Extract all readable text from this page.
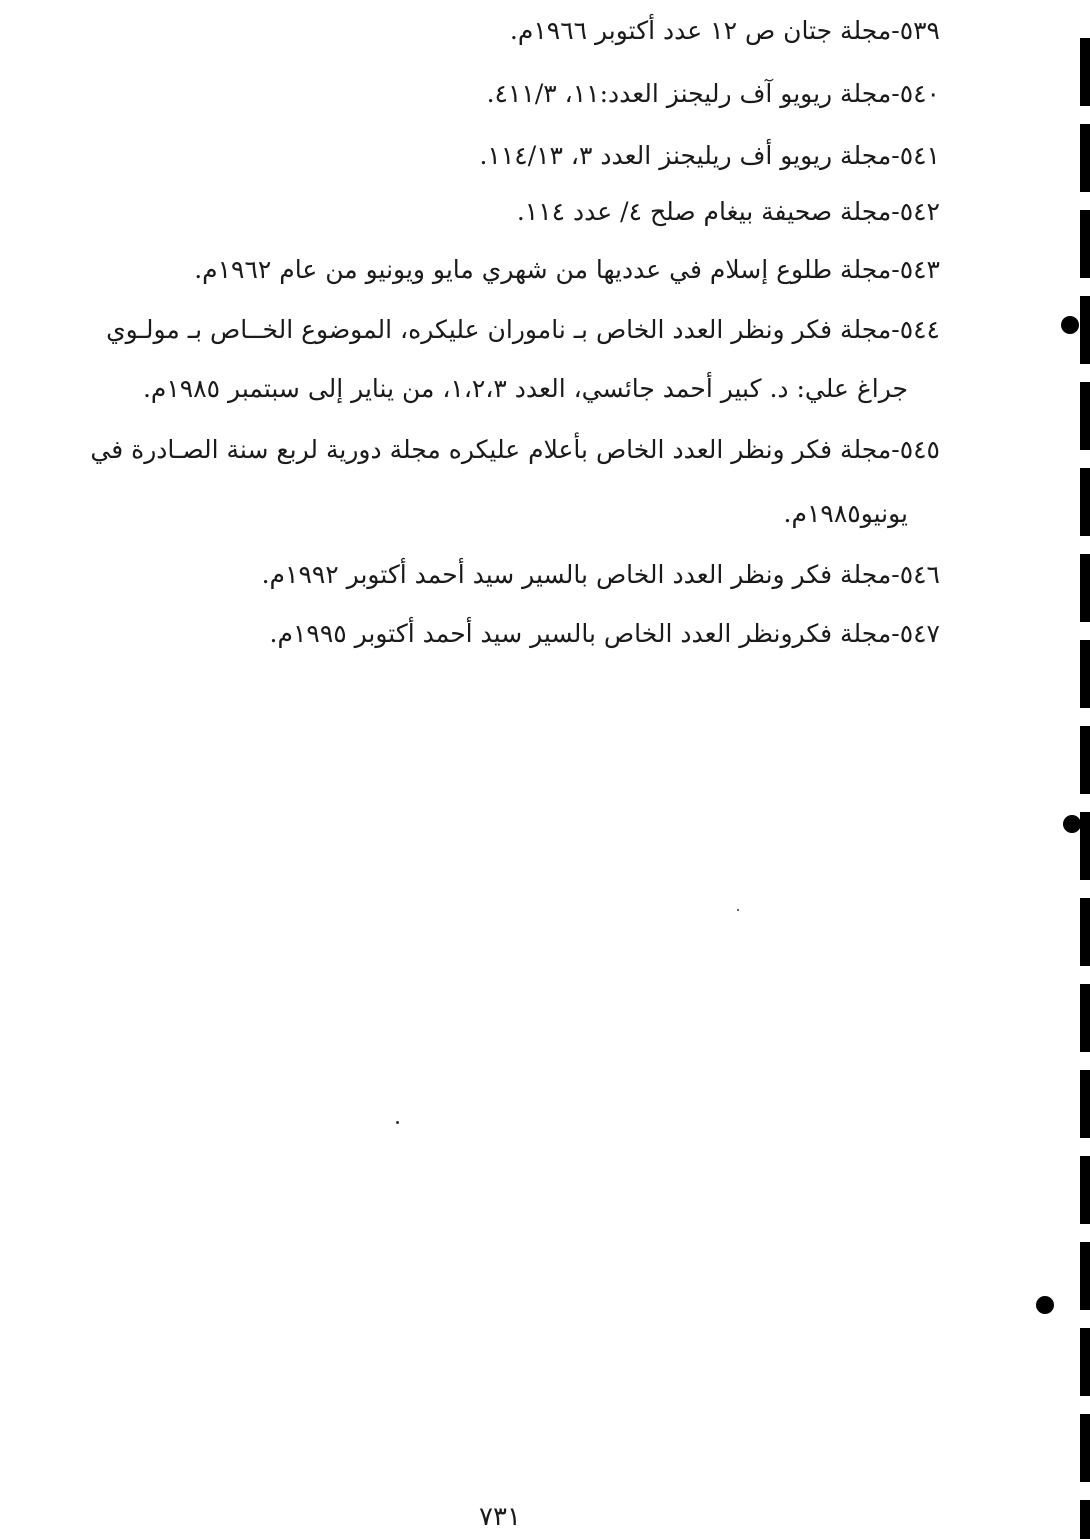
٥٣٩-مجلة جتان ص ١٢ عدد أكتوبر ١٩٦٦م.
٥٤٠-مجلة ريويو آف رليجنز العدد:١١، ٤١١/٣.
٥٤١-مجلة ريويو أف ريليجنز العدد ٣، ١١٤/١٣.
٥٤٢-مجلة صحيفة بيغام صلح ٤/ عدد ١١٤.
٥٤٣-مجلة طلوع إسلام في عدديها من شهري مايو ويونيو من عام ١٩٦٢م.
٥٤٤-مجلة فكر ونظر العدد الخاص بـ ناموران عليكره، الموضوع الخــاص بـ مولـوي
جراغ علي: د. كبير أحمد جائسي، العدد ١،٢،٣، من يناير إلى سبتمبر ١٩٨٥م.
٥٤٥-مجلة فكر ونظر العدد الخاص بأعلام عليكره مجلة دورية لربع سنة الصـادرة في
يونيو١٩٨٥م.
٥٤٦-مجلة فكر ونظر العدد الخاص بالسير سيد أحمد أكتوبر ١٩٩٢م.
٥٤٧-مجلة فكرونظر العدد الخاص بالسير سيد أحمد أكتوبر ١٩٩٥م.
٧٣١
